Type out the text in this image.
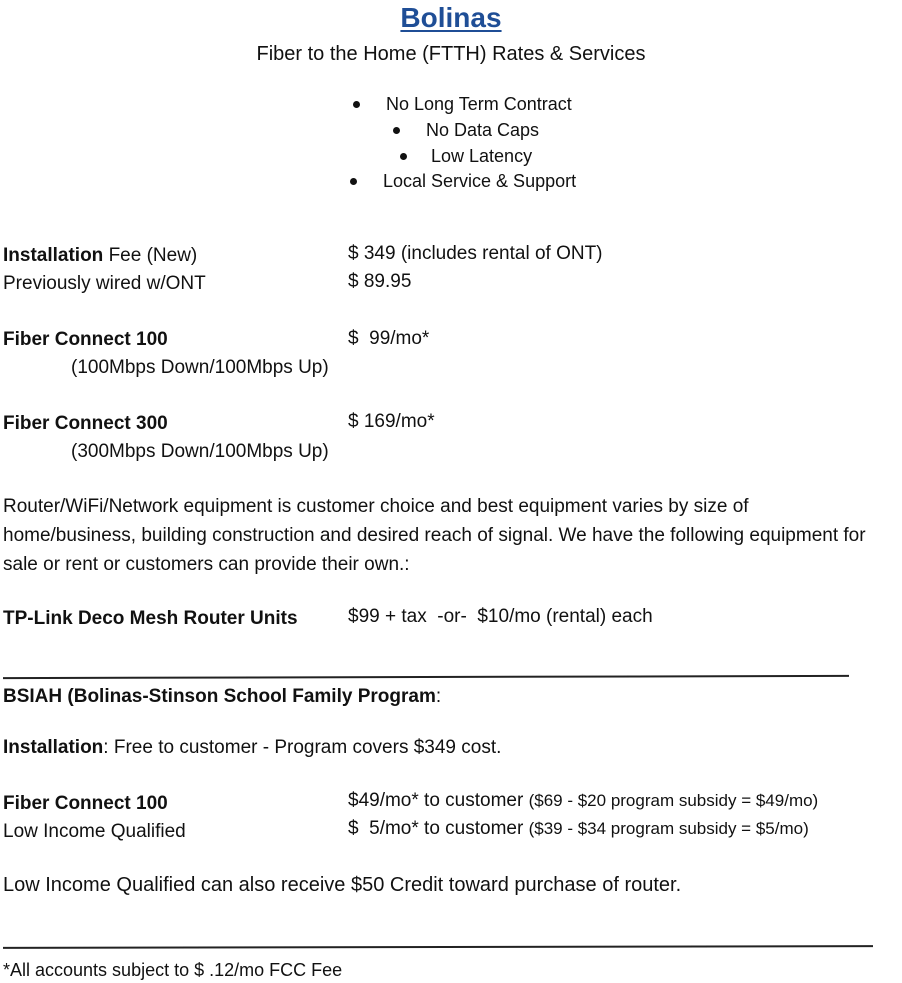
Bolinas
Fiber to the Home (FTTH) Rates & Services
No Long Term Contract
No Data Caps
Low Latency
Local Service & Support
Installation Fee (New)	$ 349 (includes rental of ONT)
Previously wired w/ONT	$ 89.95
Fiber Connect 100	$  99/mo*
(100Mbps Down/100Mbps Up)
Fiber Connect 300	$ 169/mo*
(300Mbps Down/100Mbps Up)
Router/WiFi/Network equipment is customer choice and best equipment varies by size of home/business, building construction and desired reach of signal. We have the following equipment for sale or rent or customers can provide their own.:
TP-Link Deco Mesh Router Units	$99 + tax  -or-  $10/mo (rental) each
BSIAH (Bolinas-Stinson School Family Program:
Installation: Free to customer - Program covers $349 cost.
Fiber Connect 100	$49/mo* to customer ($69 - $20 program subsidy = $49/mo)
Low Income Qualified	$  5/mo* to customer ($39 - $34 program subsidy = $5/mo)
Low Income Qualified can also receive $50 Credit toward purchase of router.
*All accounts subject to $ .12/mo FCC Fee
